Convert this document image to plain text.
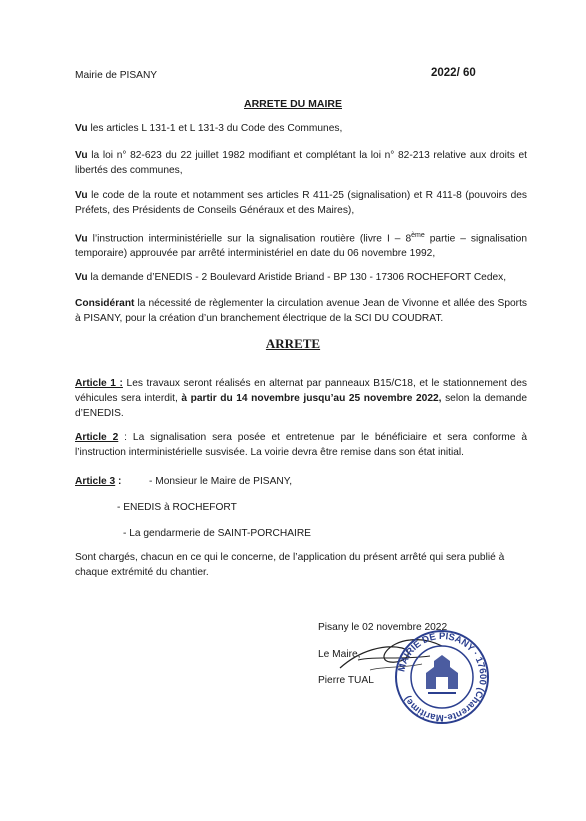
Mairie de PISANY	2022/ 60
ARRETE DU MAIRE
Vu les articles L 131-1 et L 131-3 du Code des Communes,
Vu la loi n° 82-623 du 22 juillet 1982 modifiant et complétant la loi n° 82-213 relative aux droits et libertés des communes,
Vu le code de la route et notamment ses articles R 411-25 (signalisation) et R 411-8 (pouvoirs des Préfets, des Présidents de Conseils Généraux et des Maires),
Vu l’instruction interministérielle sur la signalisation routière (livre I – 8ème partie – signalisation temporaire) approuvée par arrêté interministériel en date du 06 novembre 1992,
Vu la demande d’ENEDIS - 2 Boulevard Aristide Briand - BP 130 - 17306 ROCHEFORT Cedex,
Considérant la nécessité de règlementer la circulation avenue Jean de Vivonne et allée des Sports à PISANY, pour la création d’un branchement électrique de la SCI DU COUDRAT.
ARRETE
Article 1 : Les travaux seront réalisés en alternat par panneaux B15/C18, et le stationnement des véhicules sera interdit, à partir du 14 novembre jusqu’au 25 novembre 2022, selon la demande d’ENEDIS.
Article 2 : La signalisation sera posée et entretenue par le bénéficiaire et sera conforme à l’instruction interministérielle susvisée. La voirie devra être remise dans son état initial.
Article 3 :	- Monsieur le Maire de PISANY,
- ENEDIS à ROCHEFORT
- La gendarmerie de SAINT-PORCHAIRE
Sont chargés, chacun en ce qui le concerne, de l’application du présent arrêté qui sera publié à chaque extrémité du chantier.
Pisany le 02 novembre 2022
Le Maire,
Pierre TUAL
MAIRIE DE PISANY · 17600 (Charente-Maritime)
